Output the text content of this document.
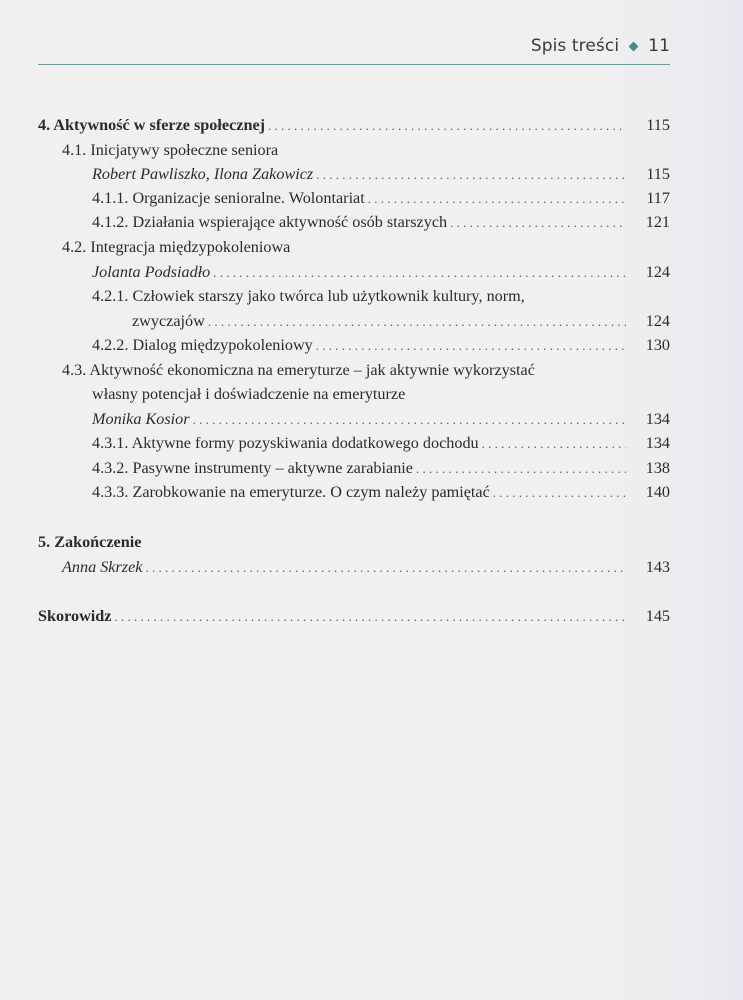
Spis treści 11
4. Aktywność w sferze społecznej . . .	115
4.1. Inicjatywy społeczne seniora
Robert Pawliszko, Ilona Zakowicz . . .	115
4.1.1. Organizacje senioralne. Wolontariat . . .	117
4.1.2. Działania wspierające aktywność osób starszych . . .	121
4.2. Integracja międzypokoleniowa
Jolanta Podsiadło . . .	124
4.2.1. Człowiek starszy jako twórca lub użytkownik kultury, norm,
zwyczajów . . .	124
4.2.2. Dialog międzypokoleniowy . . .	130
4.3. Aktywność ekonomiczna na emeryturze – jak aktywnie wykorzystać
własny potencjał i doświadczenie na emeryturze
Monika Kosior . . .	134
4.3.1. Aktywne formy pozyskiwania dodatkowego dochodu . . .	134
4.3.2. Pasywne instrumenty – aktywne zarabianie . . .	138
4.3.3. Zarobkowanie na emeryturze. O czym należy pamiętać . . .	140
5. Zakończenie
Anna Skrzek . . .	143
Skorowidz . . .	145
